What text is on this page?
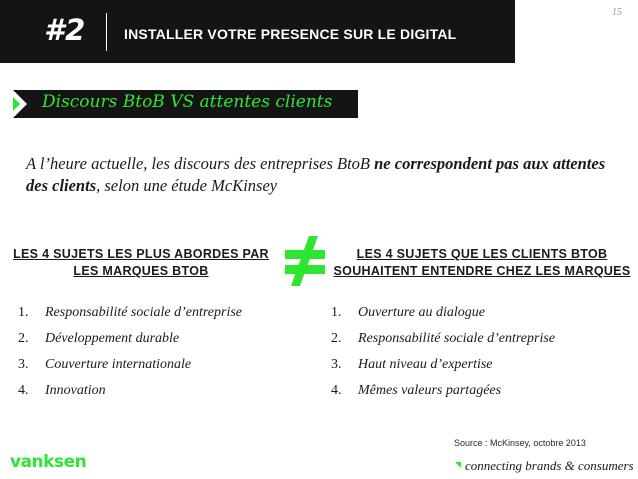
#2	INSTALLER VOTRE PRESENCE SUR LE DIGITAL
15
Discours BtoB VS attentes clients

A l’heure actuelle, les discours des entreprises BtoB ne correspondent pas aux attentes des clients, selon une étude McKinsey

LES 4 SUJETS LES PLUS ABORDES PAR LES MARQUES BTOB
LES 4 SUJETS QUE LES CLIENTS BTOB SOUHAITENT ENTENDRE CHEZ LES MARQUES
1.	Responsabilité sociale d’entreprise
2.	Développement durable
3.	Couverture internationale
4.	Innovation
1.	Ouverture au dialogue
2.	Responsabilité sociale d’entreprise
3.	Haut niveau d’expertise
4.	Mêmes valeurs partagées
Source : McKinsey, octobre 2013
vanksen	connecting brands & consumers
